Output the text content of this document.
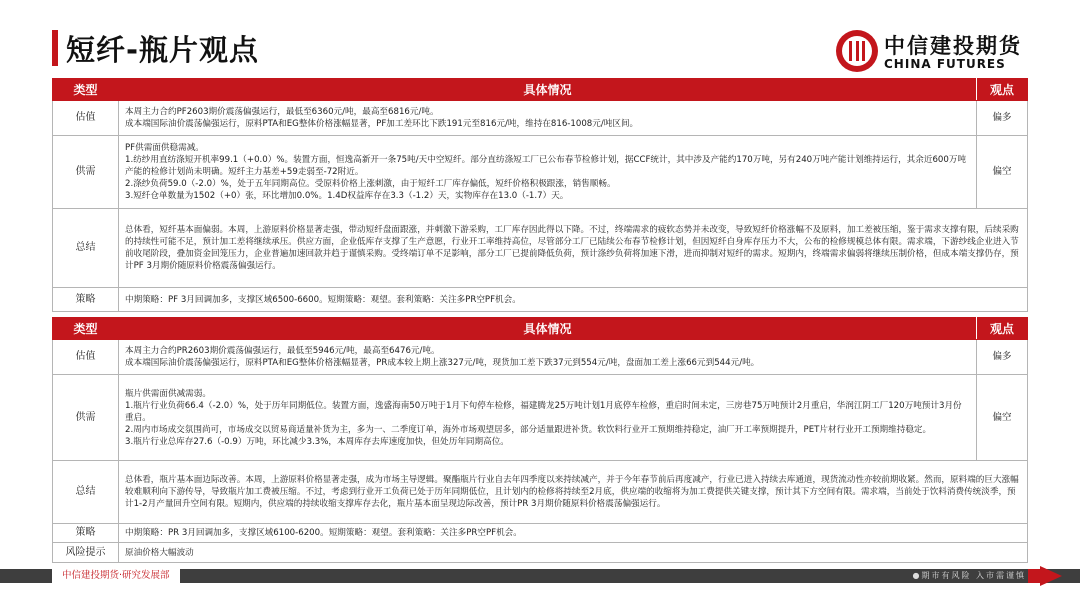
短纤-瓶片观点	中信建投期货
CHINA FUTURES
类型	具体情况	观点
估值	本周主力合约PF2603期价震荡偏强运行，最低至6360元/吨，最高至6816元/吨。

成本端国际油价震荡偏强运行，原料PTA和EG整体价格涨幅显著，PF加工差环比下跌191元至816元/吨，维持在816-1008元/吨区间。	偏多
供需	PF供需面供稳需减。

1.纺纱用直纺涤短开机率99.1（+0.0）%。装置方面，恒逸高新开一条75吨/天中空短纤。部分直纺涤短工厂已公布春节检修计划，据CCF统计，其中涉及产能约170万吨，另有240万吨产能计划维持运行，其余近600万吨产能的检修计划尚未明确。短纤主力基差+59走弱至-72附近。

2.涤纱负荷59.0（-2.0）%，处于五年同期高位。受原料价格上涨刺激，由于短纤工厂库存偏低，短纤价格积极跟涨，销售顺畅。

3.短纤仓单数量为1502（+0）张，环比增加0.0%。1.4D权益库存在3.3（-1.2）天，实物库存在13.0（-1.7）天。	偏空
总结	总体看，短纤基本面偏弱。本周，上游原料价格显著走强，带动短纤盘面跟涨，并刺激下游采购，工厂库存因此得以下降。不过，终端需求的疲软态势并未改变，导致短纤价格涨幅不及原料，加工差被压缩，鉴于需求支撑有限，后续采购的持续性可能不足，预计加工差将继续承压。供应方面，企业低库存支撑了生产意愿，行业开工率维持高位，尽管部分工厂已陆续公布春节检修计划，但因短纤自身库存压力不大，公布的检修规模总体有限。需求端，下游纱线企业进入节前收尾阶段，叠加资金回笼压力，企业普遍加速回款并趋于谨慎采购。受终端订单不足影响，部分工厂已提前降低负荷，预计涤纱负荷将加速下滑，进而抑制对短纤的需求。短期内，终端需求偏弱将继续压制价格，但成本端支撑仍存，预计PF 3月期价随原料价格震荡偏强运行。	
策略	中期策略：PF 3月回调加多，支撑区域6500-6600。短期策略：观望。套利策略：关注多PR空PF机会。	
类型	具体情况	观点
估值	本周主力合约PR2603期价震荡偏强运行，最低至5946元/吨，最高至6476元/吨。

成本端国际油价震荡偏强运行，原料PTA和EG整体价格涨幅显著，PR成本较上期上涨327元/吨，现货加工差下跌37元到554元/吨，盘面加工差上涨66元到544元/吨。	偏多
供需	瓶片供需面供减需弱。

1.瓶片行业负荷66.4（-2.0）%，处于历年同期低位。装置方面，逸盛海南50万吨于1月下旬停车检修，福建腾龙25万吨计划1月底停车检修，重启时间未定，三房巷75万吨预计2月重启，华润江阴工厂120万吨预计3月份重启。

2.周内市场成交氛围尚可，市场成交以贸易商适量补货为主，多为一、二季度订单，海外市场观望居多，部分适量跟进补货。软饮料行业开工预期维持稳定，油厂开工率预期提升，PET片材行业开工预期维持稳定。

3.瓶片行业总库存27.6（-0.9）万吨，环比减少3.3%，本周库存去库速度加快，但处历年同期高位。	偏空
总结	总体看，瓶片基本面边际改善。本周，上游原料价格显著走强，成为市场主导逻辑。聚酯瓶片行业自去年四季度以来持续减产，并于今年春节前后再度减产，行业已进入持续去库通道，现货流动性亦较前期收紧。然而，原料端的巨大涨幅较难顺利向下游传导，导致瓶片加工费被压缩。不过，考虑到行业开工负荷已处于历年同期低位，且计划内的检修将持续至2月底，供应端的收缩将为加工费提供关键支撑，预计其下方空间有限。需求端，当前处于饮料消费传统淡季，预计1-2月产量回升空间有限。短期内，供应端的持续收缩支撑库存去化，瓶片基本面呈现边际改善，预计PR 3月期价随原料价格震荡偏强运行。	
策略	中期策略：PR 3月回调加多，支撑区域6100-6200。短期策略：观望。套利策略：关注多PR空PF机会。	
风险提示	原油价格大幅波动	
中信建投期货·研究发展部	●期市有风险 入市需谨慎
